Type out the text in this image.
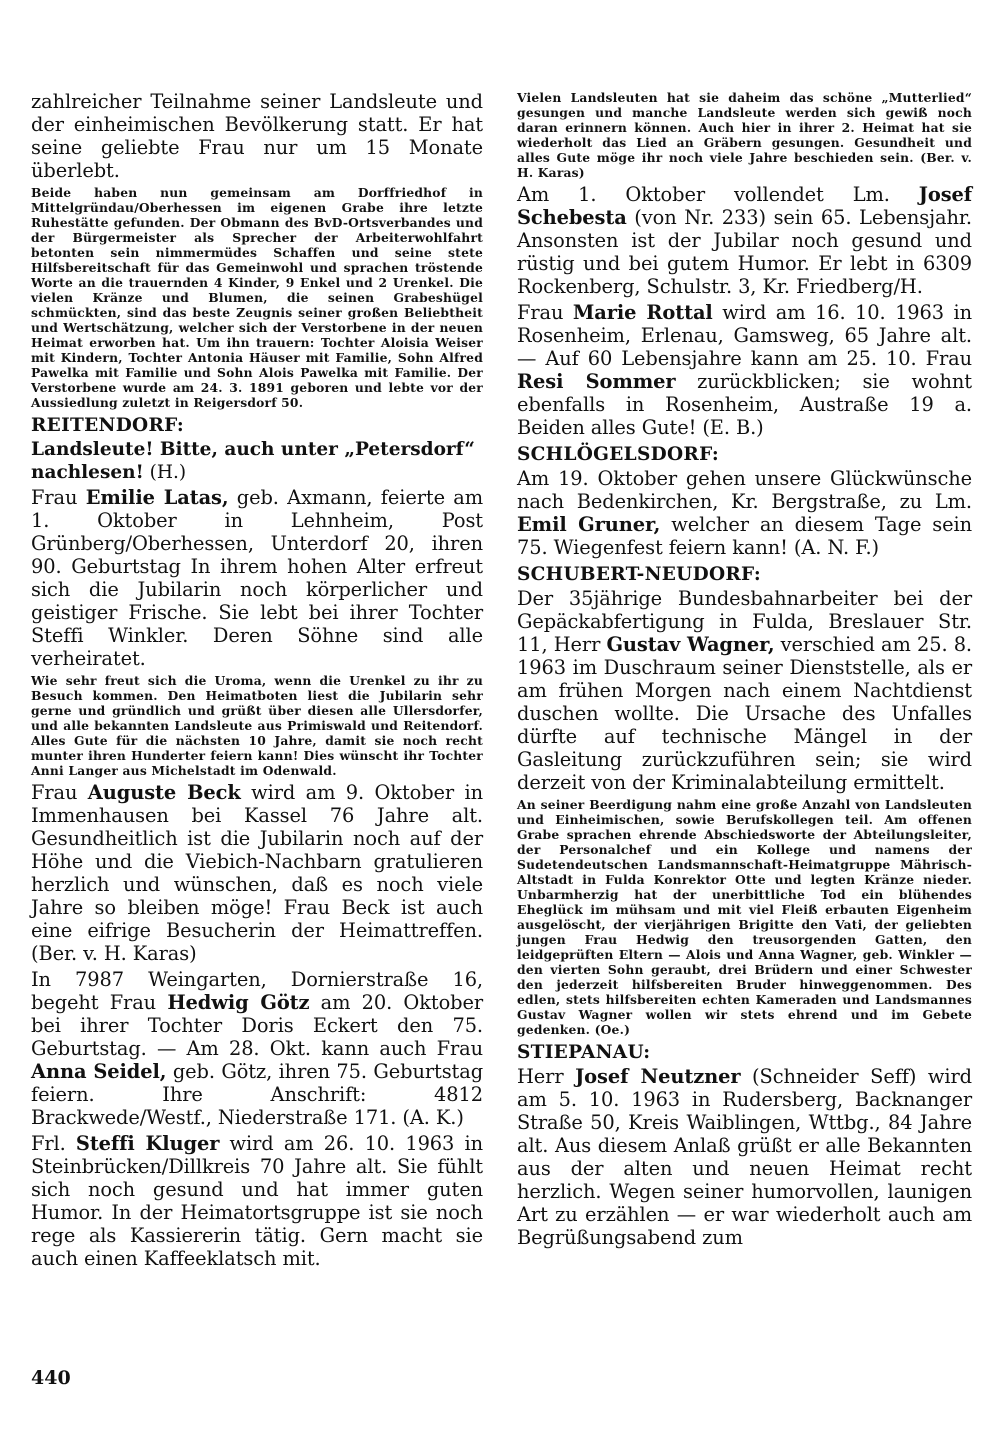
zahlreicher Teilnahme seiner Landsleute und der einheimischen Bevölkerung statt. Er hat seine geliebte Frau nur um 15 Monate überlebt.

Beide haben nun gemeinsam am Dorffriedhof in Mittelgründau/Oberhessen im eigenen Grabe ihre letzte Ruhestätte gefunden. Der Obmann des BvD-Ortsverbandes und der Bürgermeister als Sprecher der Arbeiterwohlfahrt betonten sein nimmermüdes Schaffen und seine stete Hilfsbereitschaft für das Gemeinwohl und sprachen tröstende Worte an die trauernden 4 Kinder, 9 Enkel und 2 Urenkel. Die vielen Kränze und Blumen, die seinen Grabeshügel schmückten, sind das beste Zeugnis seiner großen Beliebtheit und Wertschätzung, welcher sich der Verstorbene in der neuen Heimat erworben hat. Um ihn trauern: Tochter Aloisia Weiser mit Kindern, Tochter Antonia Häuser mit Familie, Sohn Alfred Pawelka mit Familie und Sohn Alois Pawelka mit Familie. Der Verstorbene wurde am 24. 3. 1891 geboren und lebte vor der Aussiedlung zuletzt in Reigersdorf 50.

REITENDORF:

Landsleute! Bitte, auch unter „Petersdorf“ nachlesen! (H.)

Frau Emilie Latas, geb. Axmann, feierte am 1. Oktober in Lehnheim, Post Grünberg/Oberhessen, Unterdorf 20, ihren 90. Geburtstag In ihrem hohen Alter erfreut sich die Jubilarin noch körperlicher und geistiger Frische. Sie lebt bei ihrer Tochter Steffi Winkler. Deren Söhne sind alle verheiratet.

Wie sehr freut sich die Uroma, wenn die Urenkel zu ihr zu Besuch kommen. Den Heimatboten liest die Jubilarin sehr gerne und gründlich und grüßt über diesen alle Ullersdorfer, und alle bekannten Landsleute aus Primiswald und Reitendorf. Alles Gute für die nächsten 10 Jahre, damit sie noch recht munter ihren Hunderter feiern kann! Dies wünscht ihr Tochter Anni Langer aus Michelstadt im Odenwald.

Frau Auguste Beck wird am 9. Oktober in Immenhausen bei Kassel 76 Jahre alt. Gesundheitlich ist die Jubilarin noch auf der Höhe und die Viebich-Nachbarn gratulieren herzlich und wünschen, daß es noch viele Jahre so bleiben möge! Frau Beck ist auch eine eifrige Besucherin der Heimattreffen. (Ber. v. H. Karas)

In 7987 Weingarten, Dornierstraße 16, begeht Frau Hedwig Götz am 20. Oktober bei ihrer Tochter Doris Eckert den 75. Geburtstag. — Am 28. Okt. kann auch Frau Anna Seidel, geb. Götz, ihren 75. Geburtstag feiern. Ihre Anschrift: 4812 Brackwede/Westf., Niederstraße 171. (A. K.)

Frl. Steffi Kluger wird am 26. 10. 1963 in Steinbrücken/Dillkreis 70 Jahre alt. Sie fühlt sich noch gesund und hat immer guten Humor. In der Heimatortsgruppe ist sie noch rege als Kassiererin tätig. Gern macht sie auch einen Kaffeeklatsch mit.

Vielen Landsleuten hat sie daheim das schöne „Mutterlied“ gesungen und manche Landsleute werden sich gewiß noch daran erinnern können. Auch hier in ihrer 2. Heimat hat sie wiederholt das Lied an Gräbern gesungen. Gesundheit und alles Gute möge ihr noch viele Jahre beschieden sein. (Ber. v. H. Karas)

Am 1. Oktober vollendet Lm. Josef Schebesta (von Nr. 233) sein 65. Lebensjahr. Ansonsten ist der Jubilar noch gesund und rüstig und bei gutem Humor. Er lebt in 6309 Rockenberg, Schulstr. 3, Kr. Friedberg/H.

Frau Marie Rottal wird am 16. 10. 1963 in Rosenheim, Erlenau, Gamsweg, 65 Jahre alt. — Auf 60 Lebensjahre kann am 25. 10. Frau Resi Sommer zurückblicken; sie wohnt ebenfalls in Rosenheim, Austraße 19 a. Beiden alles Gute! (E. B.)

SCHLÖGELSDORF:

Am 19. Oktober gehen unsere Glückwünsche nach Bedenkirchen, Kr. Bergstraße, zu Lm. Emil Gruner, welcher an diesem Tage sein 75. Wiegenfest feiern kann! (A. N. F.)

SCHUBERT-NEUDORF:

Der 35jährige Bundesbahnarbeiter bei der Gepäckabfertigung in Fulda, Breslauer Str. 11, Herr Gustav Wagner, verschied am 25. 8. 1963 im Duschraum seiner Dienststelle, als er am frühen Morgen nach einem Nachtdienst duschen wollte. Die Ursache des Unfalles dürfte auf technische Mängel in der Gasleitung zurückzuführen sein; sie wird derzeit von der Kriminalabteilung ermittelt.

An seiner Beerdigung nahm eine große Anzahl von Landsleuten und Einheimischen, sowie Berufskollegen teil. Am offenen Grabe sprachen ehrende Abschiedsworte der Abteilungsleiter, der Personalchef und ein Kollege und namens der Sudetendeutschen Landsmannschaft-Heimatgruppe Mährisch-Altstadt in Fulda Konrektor Otte und legten Kränze nieder. Unbarmherzig hat der unerbittliche Tod ein blühendes Eheglück im mühsam und mit viel Fleiß erbauten Eigenheim ausgelöscht, der vierjährigen Brigitte den Vati, der geliebten jungen Frau Hedwig den treusorgenden Gatten, den leidgeprüften Eltern — Alois und Anna Wagner, geb. Winkler — den vierten Sohn geraubt, drei Brüdern und einer Schwester den jederzeit hilfsbereiten Bruder hinweggenommen. Des edlen, stets hilfsbereiten echten Kameraden und Landsmannes Gustav Wagner wollen wir stets ehrend und im Gebete gedenken. (Oe.)

STIEPANAU:

Herr Josef Neutzner (Schneider Seff) wird am 5. 10. 1963 in Rudersberg, Backnanger Straße 50, Kreis Waiblingen, Wttbg., 84 Jahre alt. Aus diesem Anlaß grüßt er alle Bekannten aus der alten und neuen Heimat recht herzlich. Wegen seiner humorvollen, launigen Art zu erzählen — er war wiederholt auch am Begrüßungsabend zum

440
